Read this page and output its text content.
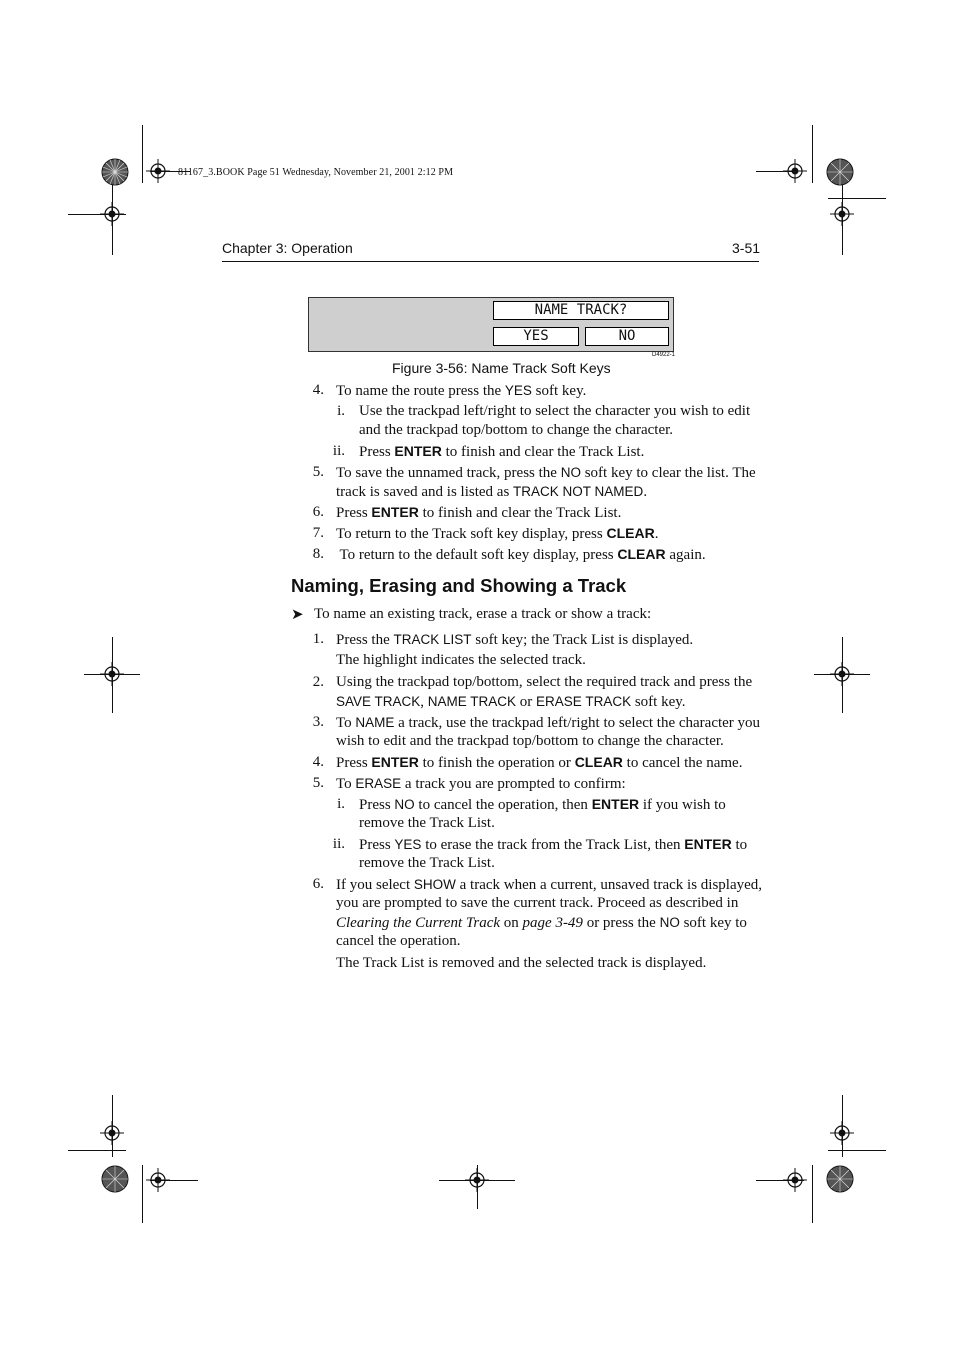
81167_3.BOOK Page 51 Wednesday, November 21, 2001 2:12 PM
Chapter 3: Operation	3-51
NAME TRACK?
YES	NO
D4922-1
Figure 3-56: Name Track Soft Keys
4. To name the route press the YES soft key.
i. Use the trackpad left/right to select the character you wish to edit
and the trackpad top/bottom to change the character.
ii. Press ENTER to finish and clear the Track List.
5. To save the unnamed track, press the NO soft key to clear the list. The
track is saved and is listed as TRACK NOT NAMED.
6. Press ENTER to finish and clear the Track List.
7. To return to the Track soft key display, press CLEAR.
8. To return to the default soft key display, press CLEAR again.
Naming, Erasing and Showing a Track
➤ To name an existing track, erase a track or show a track:
1. Press the TRACK LIST soft key; the Track List is displayed.
The highlight indicates the selected track.
2. Using the trackpad top/bottom, select the required track and press the
SAVE TRACK, NAME TRACK or ERASE TRACK soft key.
3. To NAME a track, use the trackpad left/right to select the character you
wish to edit and the trackpad top/bottom to change the character.
4. Press ENTER to finish the operation or CLEAR to cancel the name.
5. To ERASE a track you are prompted to confirm:
i. Press NO to cancel the operation, then ENTER if you wish to
remove the Track List.
ii. Press YES to erase the track from the Track List, then ENTER to
remove the Track List.
6. If you select SHOW a track when a current, unsaved track is displayed,
you are prompted to save the current track. Proceed as described in
Clearing the Current Track on page 3-49 or press the NO soft key to
cancel the operation.
The Track List is removed and the selected track is displayed.
